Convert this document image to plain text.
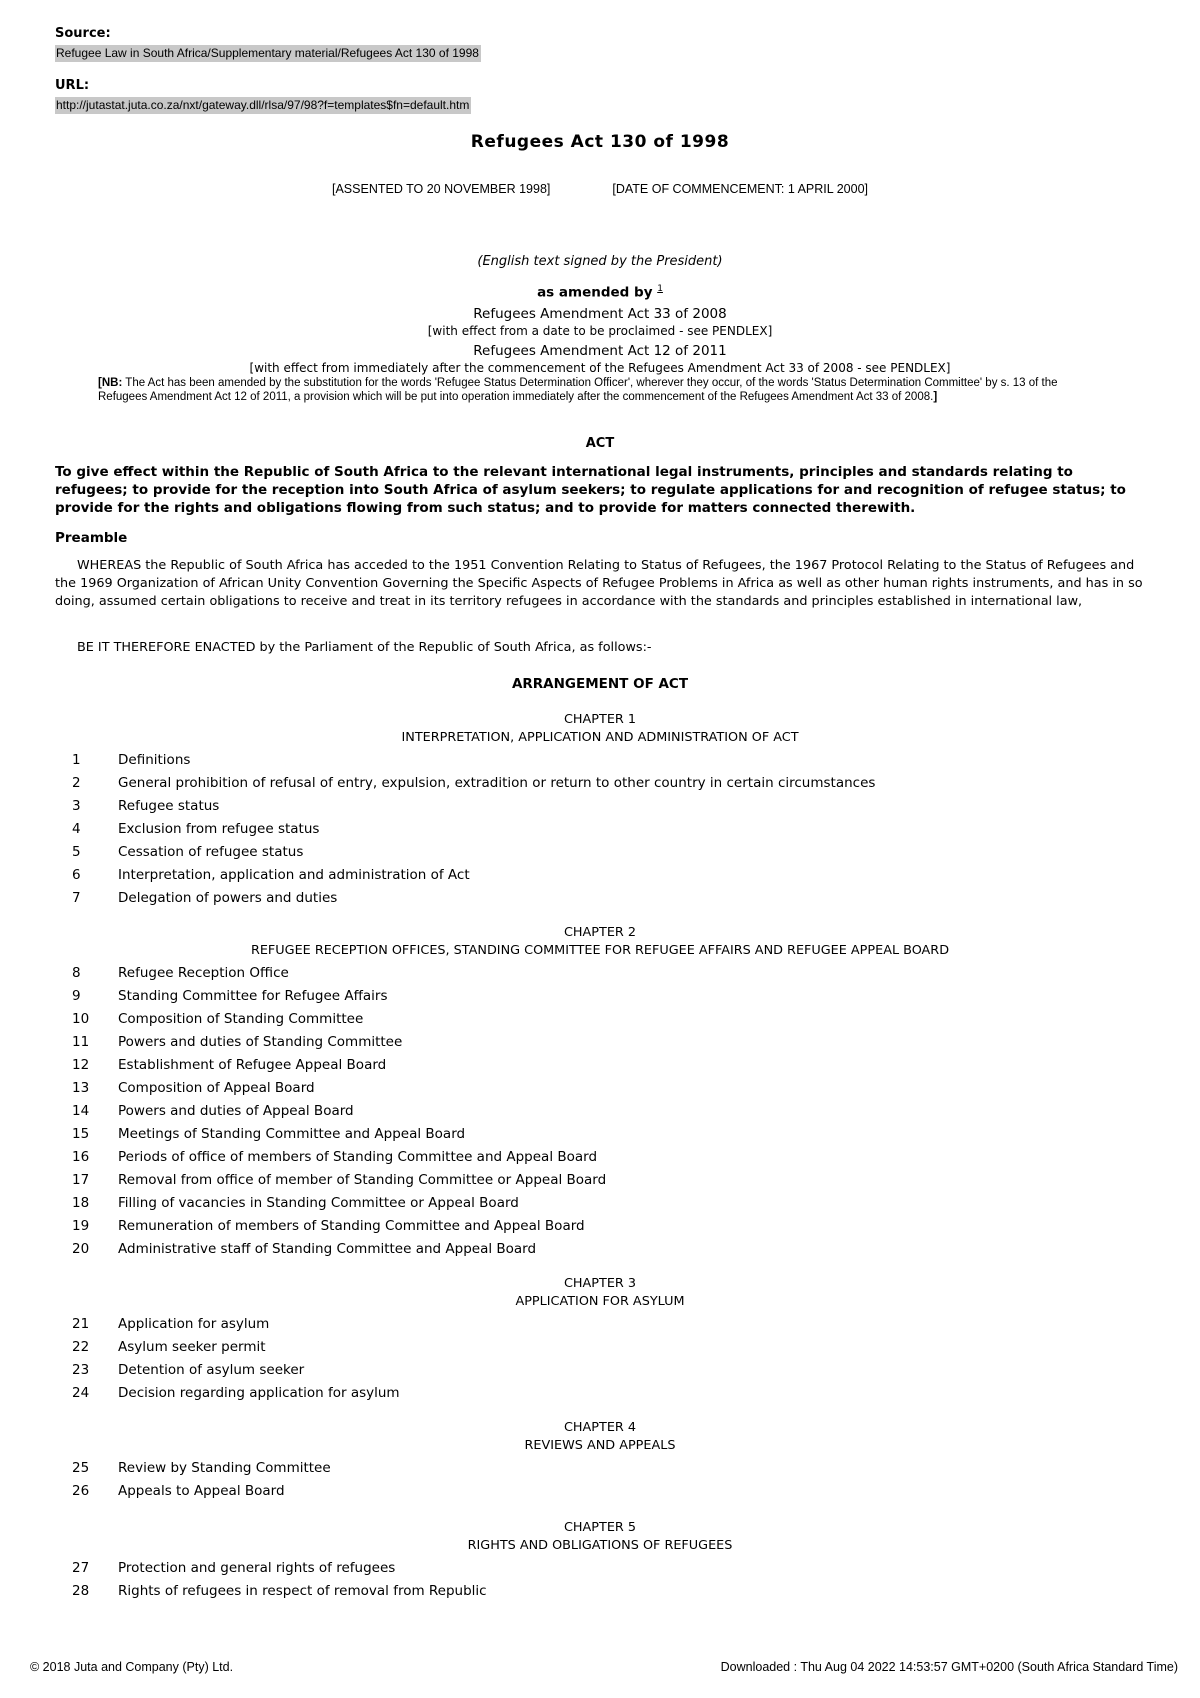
Source:
Refugee Law in South Africa/Supplementary material/Refugees Act 130 of 1998
URL:
http://jutastat.juta.co.za/nxt/gateway.dll/rlsa/97/98?f=templates$fn=default.htm
Refugees Act 130 of 1998
[ASSENTED TO 20 NOVEMBER 1998]	[DATE OF COMMENCEMENT: 1 APRIL 2000]
(English text signed by the President)
as amended by $^1$
Refugees Amendment Act 33 of 2008
[with effect from a date to be proclaimed - see PENDLEX]
Refugees Amendment Act 12 of 2011
[with effect from immediately after the commencement of the Refugees Amendment Act 33 of 2008 - see PENDLEX]
[NB: The Act has been amended by the substitution for the words 'Refugee Status Determination Officer', wherever they occur, of the words 'Status Determination Committee' by s. 13 of the Refugees Amendment Act 12 of 2011, a provision which will be put into operation immediately after the commencement of the Refugees Amendment Act 33 of 2008.]
ACT
To give effect within the Republic of South Africa to the relevant international legal instruments, principles and standards relating to refugees; to provide for the reception into South Africa of asylum seekers; to regulate applications for and recognition of refugee status; to provide for the rights and obligations flowing from such status; and to provide for matters connected therewith.
Preamble
WHEREAS the Republic of South Africa has acceded to the 1951 Convention Relating to Status of Refugees, the 1967 Protocol Relating to the Status of Refugees and the 1969 Organization of African Unity Convention Governing the Specific Aspects of Refugee Problems in Africa as well as other human rights instruments, and has in so doing, assumed certain obligations to receive and treat in its territory refugees in accordance with the standards and principles established in international law,
BE IT THEREFORE ENACTED by the Parliament of the Republic of South Africa, as follows:-
ARRANGEMENT OF ACT
CHAPTER 1
INTERPRETATION, APPLICATION AND ADMINISTRATION OF ACT
1	Definitions
2	General prohibition of refusal of entry, expulsion, extradition or return to other country in certain circumstances
3	Refugee status
4	Exclusion from refugee status
5	Cessation of refugee status
6	Interpretation, application and administration of Act
7	Delegation of powers and duties
CHAPTER 2
REFUGEE RECEPTION OFFICES, STANDING COMMITTEE FOR REFUGEE AFFAIRS AND REFUGEE APPEAL BOARD
8	Refugee Reception Office
9	Standing Committee for Refugee Affairs
10 Composition of Standing Committee
11 Powers and duties of Standing Committee
12 Establishment of Refugee Appeal Board
13 Composition of Appeal Board
14 Powers and duties of Appeal Board
15 Meetings of Standing Committee and Appeal Board
16 Periods of office of members of Standing Committee and Appeal Board
17 Removal from office of member of Standing Committee or Appeal Board
18 Filling of vacancies in Standing Committee or Appeal Board
19 Remuneration of members of Standing Committee and Appeal Board
20 Administrative staff of Standing Committee and Appeal Board
CHAPTER 3
APPLICATION FOR ASYLUM
21 Application for asylum
22 Asylum seeker permit
23 Detention of asylum seeker
24 Decision regarding application for asylum
CHAPTER 4
REVIEWS AND APPEALS
25 Review by Standing Committee
26 Appeals to Appeal Board
CHAPTER 5
RIGHTS AND OBLIGATIONS OF REFUGEES
27 Protection and general rights of refugees
28 Rights of refugees in respect of removal from Republic
© 2018 Juta and Company (Pty) Ltd.	Downloaded : Thu Aug 04 2022 14:53:57 GMT+0200 (South Africa Standard Time)
